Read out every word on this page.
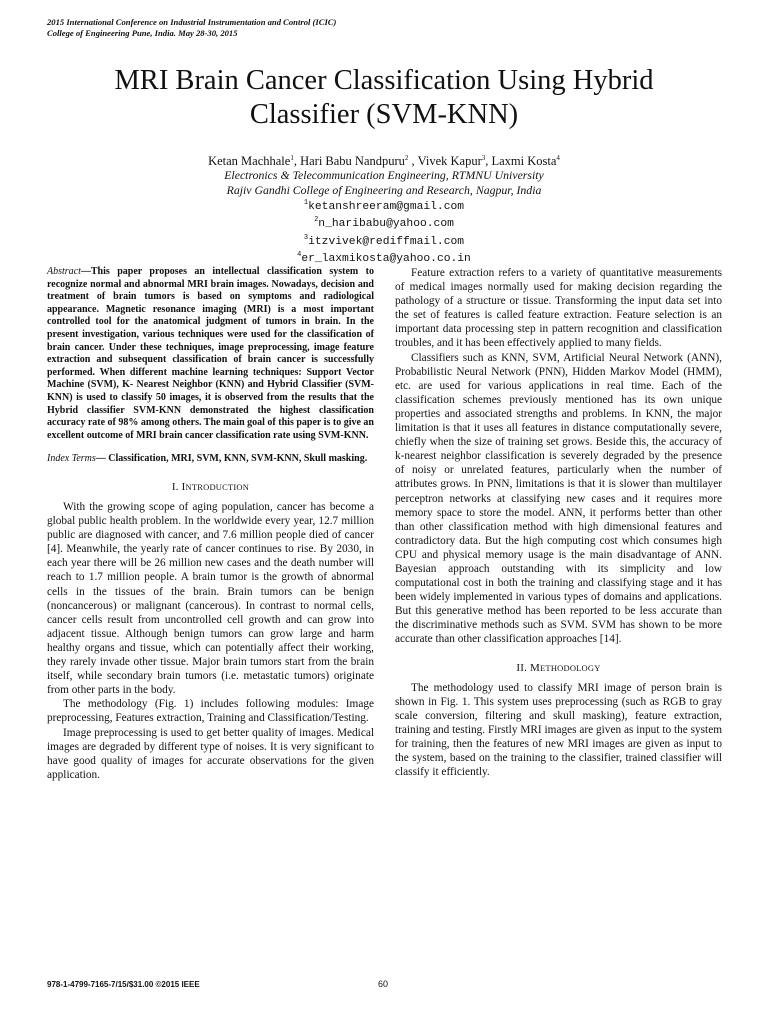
2015 International Conference on Industrial Instrumentation and Control (ICIC)
College of Engineering Pune, India. May 28-30, 2015
MRI Brain Cancer Classification Using Hybrid
Classifier (SVM-KNN)
Ketan Machhale$^1$, Hari Babu Nandpuru$^2$ , Vivek Kapur$^3$, Laxmi Kosta$^4$
Electronics & Telecommunication Engineering, RTMNU University
Rajiv Gandhi College of Engineering and Research, Nagpur, India
$^1$ketanshreeram@gmail.com
$^2$n_haribabu@yahoo.com
$^3$itzvivek@rediffmail.com
$^4$er_laxmikosta@yahoo.co.in

Abstract—This paper proposes an intellectual classification system to recognize normal and abnormal MRI brain images. Nowadays, decision and treatment of brain tumors is based on symptoms and radiological appearance. Magnetic resonance imaging (MRI) is a most important controlled tool for the anatomical judgment of tumors in brain. In the present investigation, various techniques were used for the classification of brain cancer. Under these techniques, image preprocessing, image feature extraction and subsequent classification of brain cancer is successfully performed. When different machine learning techniques: Support Vector Machine (SVM), K- Nearest Neighbor (KNN) and Hybrid Classifier (SVM-KNN) is used to classify 50 images, it is observed from the results that the Hybrid classifier SVM-KNN demonstrated the highest classification accuracy rate of 98% among others. The main goal of this paper is to give an excellent outcome of MRI brain cancer classification rate using SVM-KNN.

Index Terms— Classification, MRI, SVM, KNN, SVM-KNN, Skull masking.

I. INTRODUCTION

With the growing scope of aging population, cancer has become a global public health problem. In the worldwide every year, 12.7 million public are diagnosed with cancer, and 7.6 million people died of cancer [4]. Meanwhile, the yearly rate of cancer continues to rise. By 2030, in each year there will be 26 million new cases and the death number will reach to 1.7 million people. A brain tumor is the growth of abnormal cells in the tissues of the brain. Brain tumors can be benign (noncancerous) or malignant (cancerous). In contrast to normal cells, cancer cells result from uncontrolled cell growth and can grow into adjacent tissue. Although benign tumors can grow large and harm healthy organs and tissue, which can potentially affect their working, they rarely invade other tissue. Major brain tumors start from the brain itself, while secondary brain tumors (i.e. metastatic tumors) originate from other parts in the body.

The methodology (Fig. 1) includes following modules: Image preprocessing, Features extraction, Training and Classification/Testing.

Image preprocessing is used to get better quality of images. Medical images are degraded by different type of noises. It is very significant to have good quality of images for accurate observations for the given application.

Feature extraction refers to a variety of quantitative measurements of medical images normally used for making decision regarding the pathology of a structure or tissue. Transforming the input data set into the set of features is called feature extraction. Feature selection is an important data processing step in pattern recognition and classification troubles, and it has been effectively applied to many fields.

Classifiers such as KNN, SVM, Artificial Neural Network (ANN), Probabilistic Neural Network (PNN), Hidden Markov Model (HMM), etc. are used for various applications in real time. Each of the classification schemes previously mentioned has its own unique properties and associated strengths and problems. In KNN, the major limitation is that it uses all features in distance computationally severe, chiefly when the size of training set grows. Beside this, the accuracy of k-nearest neighbor classification is severely degraded by the presence of noisy or unrelated features, particularly when the number of attributes grows. In PNN, limitations is that it is slower than multilayer perceptron networks at classifying new cases and it requires more memory space to store the model. ANN, it performs better than other than other classification method with high dimensional features and contradictory data. But the high computing cost which consumes high CPU and physical memory usage is the main disadvantage of ANN. Bayesian approach outstanding with its simplicity and low computational cost in both the training and classifying stage and it has been widely implemented in various types of domains and applications. But this generative method has been reported to be less accurate than the discriminative methods such as SVM. SVM has shown to be more accurate than other classification approaches [14].

II. METHODOLOGY

The methodology used to classify MRI image of person brain is shown in Fig. 1. This system uses preprocessing (such as RGB to gray scale conversion, filtering and skull masking), feature extraction, training and testing. Firstly MRI images are given as input to the system for training, then the features of new MRI images are given as input to the system, based on the training to the classifier, trained classifier will classify it efficiently.

978-1-4799-7165-7/15/$31.00 ©2015 IEEE	60
